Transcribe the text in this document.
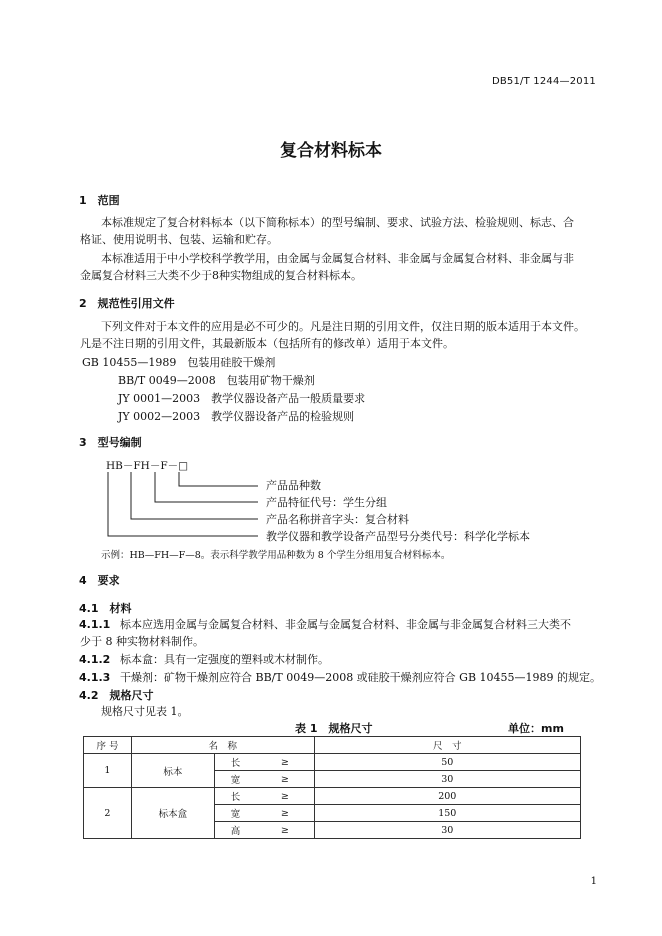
DB51/T 1244—2011
复合材料标本
1　范围
本标准规定了复合材料标本（以下简称标本）的型号编制、要求、试验方法、检验规则、标志、合
格证、使用说明书、包装、运输和贮存。
本标准适用于中小学校科学教学用，由金属与金属复合材料、非金属与金属复合材料、非金属与非
金属复合材料三大类不少于8种实物组成的复合材料标本。
2　规范性引用文件
下列文件对于本文件的应用是必不可少的。凡是注日期的引用文件，仅注日期的版本适用于本文件。
凡是不注日期的引用文件，其最新版本（包括所有的修改单）适用于本文件。
GB 10455—1989　包装用硅胶干燥剂
BB/T 0049—2008　包装用矿物干燥剂
JY 0001—2003　教学仪器设备产品一般质量要求
JY 0002—2003　教学仪器设备产品的检验规则
3　型号编制
HB－FH－F－□
产品品种数
产品特征代号：学生分组
产品名称拼音字头：复合材料
教学仪器和教学设备产品型号分类代号：科学化学标本
示例：HB—FH—F—8。表示科学教学用品种数为 8 个学生分组用复合材料标本。
4　要求
4.1　材料
4.1.1 标本应选用金属与金属复合材料、非金属与金属复合材料、非金属与非金属复合材料三大类不
少于 8 种实物材料制作。
4.1.2 标本盒：具有一定强度的塑料或木材制作。
4.1.3 干燥剂：矿物干燥剂应符合 BB/T 0049—2008 或硅胶干燥剂应符合 GB 10455—1989 的规定。
4.2　规格尺寸
规格尺寸见表 1。
表 1　规格尺寸	单位：mm
序 号	名　称			尺　寸
1	标本	长	≥	50
		宽	≥	30
2	标本盒	长	≥	200
		宽	≥	150
		高	≥	30
1
